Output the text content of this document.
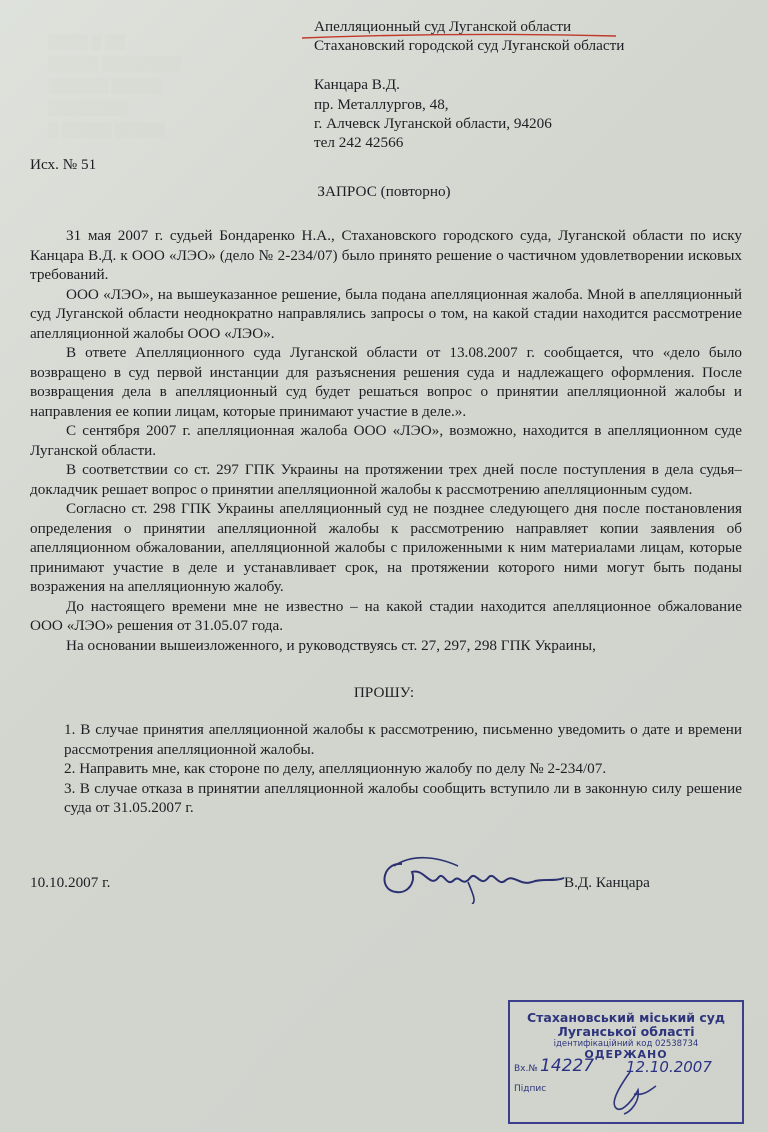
░░░░ ░ ░░
░░░░░ ░░░░░░░░
░░░░░░ ░░░░░
░░░░░░░░
░ ░░░░░ ░░░░░
Апелляционный суд Луганской области
Стахановский городской суд Луганской области
Канцара В.Д.
пр. Металлургов, 48,
г. Алчевск Луганской области, 94206
тел 242 42566
Исх. № 51
ЗАПРОС (повторно)

31 мая 2007 г. судьей Бондаренко Н.А., Стахановского городского суда, Луганской области по иску Канцара В.Д. к ООО «ЛЭО» (дело № 2-234/07) было принято решение о частичном удовлетворении исковых требований.

ООО «ЛЭО», на вышеуказанное решение, была подана апелляционная жалоба. Мной в апелляционный суд Луганской области неоднократно направлялись запросы о том, на какой стадии находится рассмотрение апелляционной жалобы ООО «ЛЭО».

В ответе Апелляционного суда Луганской области от 13.08.2007 г. сообщается, что «дело было возвращено в суд первой инстанции для разъяснения решения суда и надлежащего оформления. После возвращения дела в апелляционный суд будет решаться вопрос о принятии апелляционной жалобы и направления ее копии лицам, которые принимают участие в деле.».

С сентября 2007 г. апелляционная жалоба ООО «ЛЭО», возможно, находится в апелляционном суде Луганской области.

В соответствии со ст. 297 ГПК Украины на протяжении трех дней после поступления в дела судья–докладчик решает вопрос о принятии апелляционной жалобы к рассмотрению апелляционным судом.

Согласно ст. 298 ГПК Украины апелляционный суд не позднее следующего дня после постановления определения о принятии апелляционной жалобы к рассмотрению направляет копии заявления об апелляционном обжаловании, апелляционной жалобы с приложенными к ним материалами лицам, которые принимают участие в деле и устанавливает срок, на протяжении которого ними могут быть поданы возражения на апелляционную жалобу.

До настоящего времени мне не известно – на какой стадии находится апелляционное обжалование ООО «ЛЭО» решения от 31.05.07 года.

На основании вышеизложенного, и руководствуясь ст. 27, 297, 298 ГПК Украины,

ПРОШУ:

1. В случае принятия апелляционной жалобы к рассмотрению, письменно уведомить о дате и времени рассмотрения апелляционной жалобы.

2. Направить мне, как стороне по делу, апелляционную жалобу по делу № 2-234/07.

3. В случае отказа в принятии апелляционной жалобы сообщить вступило ли в законную силу решение суда от 31.05.2007 г.

10.10.2007 г.	В.Д. Канцара
Стахановський міський суд
Луганської області
ідентифікаційний код 02538734
ОДЕРЖАНО
Вх.№ 14227 12.10.2007
Підпис
